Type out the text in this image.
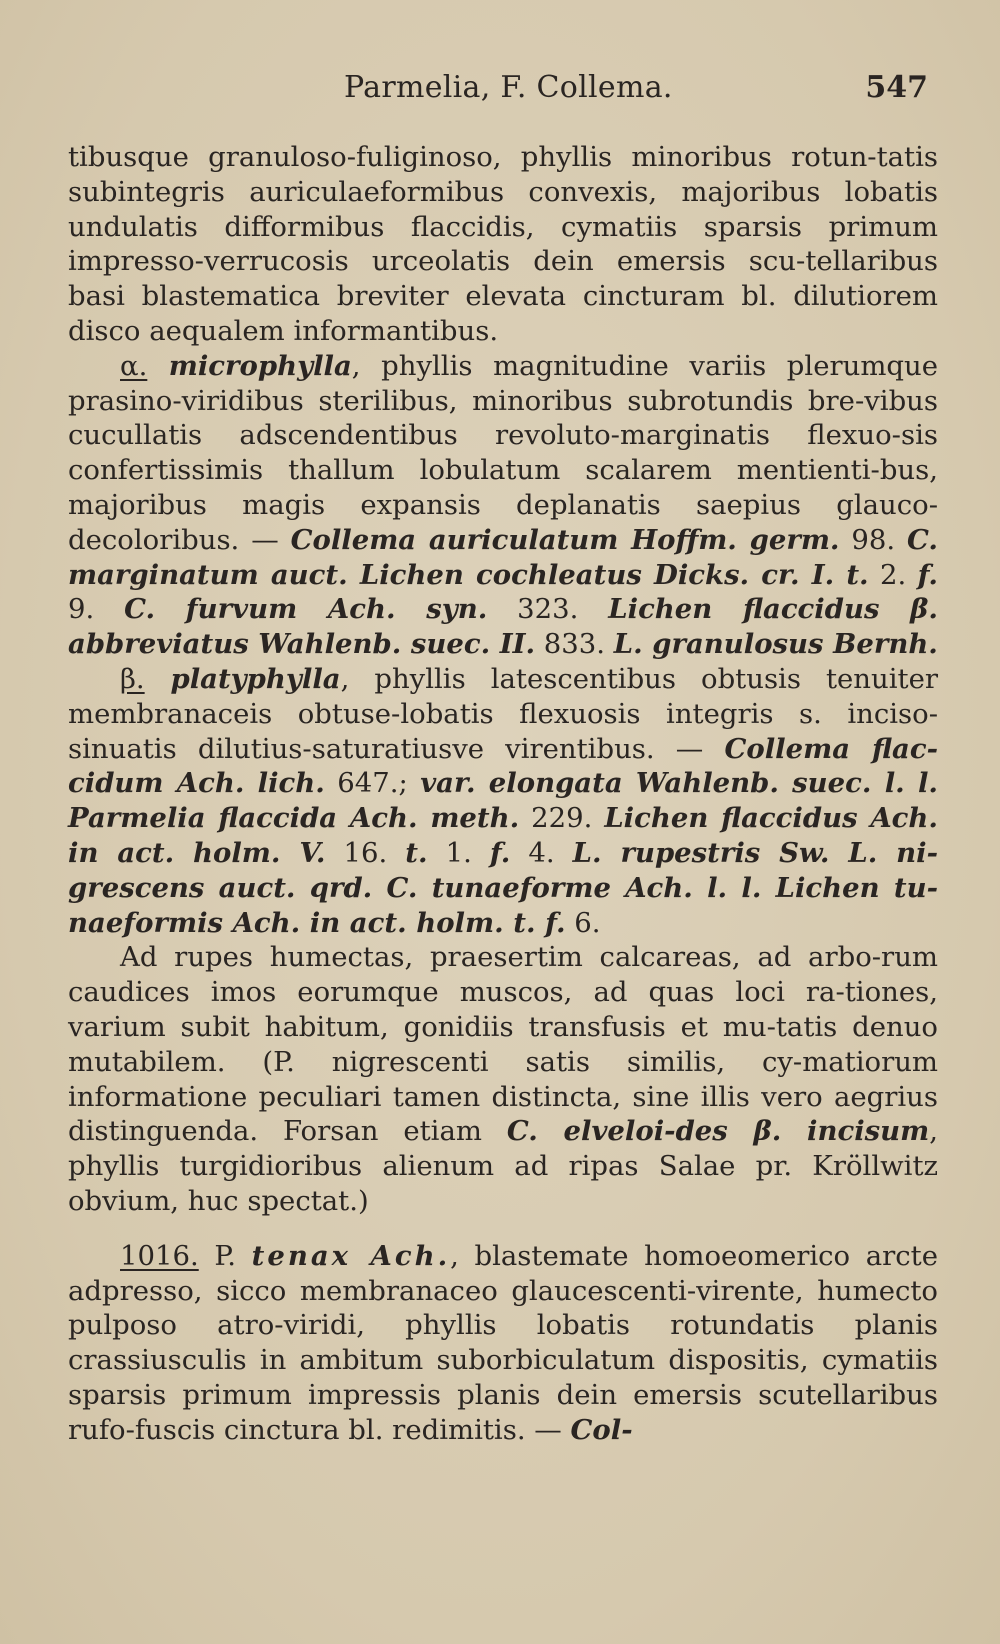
Parmelia, F. Collema.	547

tibusque granuloso-fuliginoso, phyllis minoribus rotun-tatis subintegris auriculaeformibus convexis, majoribus lobatis undulatis difformibus flaccidis, cymatiis sparsis primum impresso-verrucosis urceolatis dein emersis scu-tellaribus basi blastematica breviter elevata cincturam bl. dilutiorem disco aequalem informantibus.

α. microphylla, phyllis magnitudine variis plerumque prasino-viridibus sterilibus, minoribus subrotundis bre-vibus cucullatis adscendentibus revoluto-marginatis flexuo-sis confertissimis thallum lobulatum scalarem mentienti-bus, majoribus magis expansis deplanatis saepius glauco-decoloribus. — Collema auriculatum Hoffm. germ. 98. C. marginatum auct. Lichen cochleatus Dicks. cr. I. t. 2. f. 9. C. furvum Ach. syn. 323. Lichen flaccidus β. abbreviatus Wahlenb. suec. II. 833. L. granulosus Bernh.

β. platyphylla, phyllis latescentibus obtusis tenuiter membranaceis obtuse-lobatis flexuosis integris s. inciso-sinuatis dilutius-saturatiusve virentibus. — Collema flac-cidum Ach. lich. 647.; var. elongata Wahlenb. suec. l. l. Parmelia flaccida Ach. meth. 229. Lichen flaccidus Ach. in act. holm. V. 16. t. 1. f. 4. L. rupestris Sw. L. ni-grescens auct. qrd. C. tunaeforme Ach. l. l. Lichen tu-naeformis Ach. in act. holm. t. f. 6.

Ad rupes humectas, praesertim calcareas, ad arbo-rum caudices imos eorumque muscos, ad quas loci ra-tiones, varium subit habitum, gonidiis transfusis et mu-tatis denuo mutabilem. (P. nigrescenti satis similis, cy-matiorum informatione peculiari tamen distincta, sine illis vero aegrius distinguenda. Forsan etiam C. elveloi-des β. incisum, phyllis turgidioribus alienum ad ripas Salae pr. Kröllwitz obvium, huc spectat.)

1016. P. tenax Ach., blastemate homoeomerico arcte adpresso, sicco membranaceo glaucescenti-virente, humecto pulposo atro-viridi, phyllis lobatis rotundatis planis crassiusculis in ambitum suborbiculatum dispositis, cymatiis sparsis primum impressis planis dein emersis scutellaribus rufo-fuscis cinctura bl. redimitis. — Col-
